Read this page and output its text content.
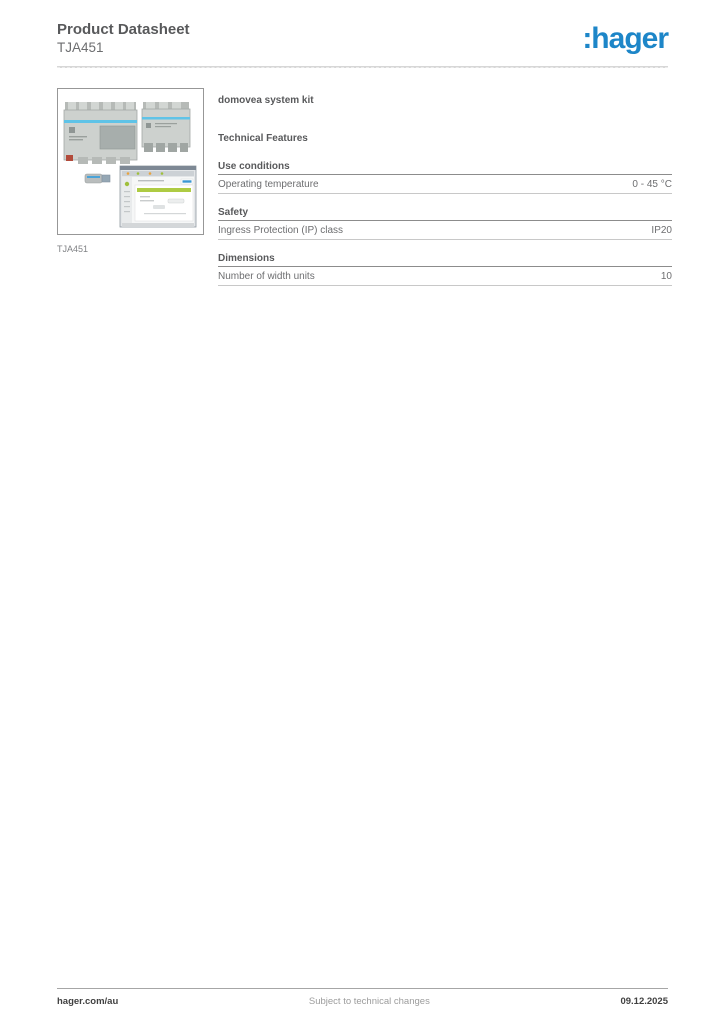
Product Datasheet
TJA451	:hager
TJA451
domovea system kit
Technical Features
Use conditions
Operating temperature	0 - 45 °C
Safety
Ingress Protection (IP) class	IP20
Dimensions
Number of width units	10
hager.com/au	Subject to technical changes	09.12.2025
